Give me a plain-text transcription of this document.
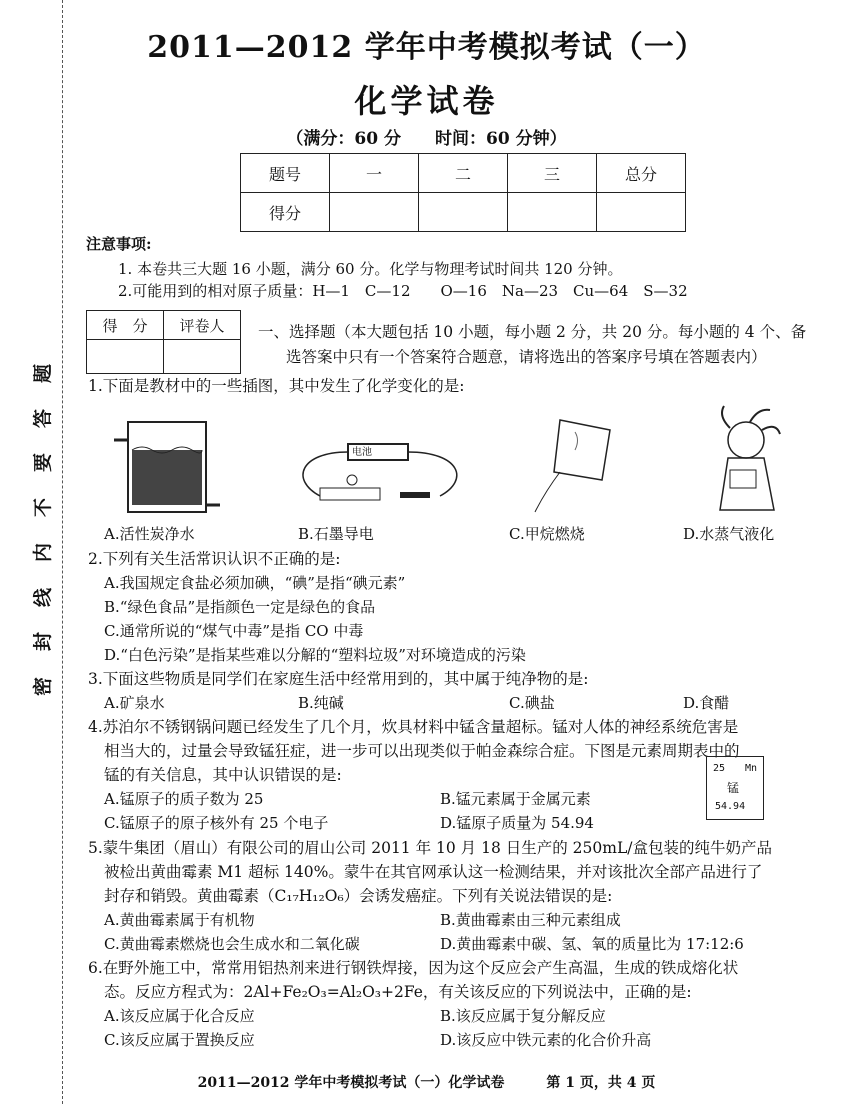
题
答
要
不
内
线
封
密
2011—2012 学年中考模拟考试（一）
化学试卷
（满分：60 分　　时间：60 分钟）
题号	一	二	三	总分
得分				
注意事项:
1. 本卷共三大题 16 小题，满分 60 分。化学与物理考试时间共 120 分钟。
2.可能用到的相对原子质量：H—1　C—12　　O—16　Na—23　Cu—64　S—32
得　分	评卷人
	一、选择题（本大题包括 10 小题，每小题 2 分，共 20 分。每小题的 4 个、备
选答案中只有一个答案符合题意，请将选出的答案序号填在答题表内）
1.下面是教材中的一些插图，其中发生了化学变化的是:
电池
A.活性炭净水	B.石墨导电	C.甲烷燃烧	D.水蒸气液化
2.下列有关生活常识认识不正确的是:
A.我国规定食盐必须加碘，“碘”是指“碘元素”
B.“绿色食品”是指颜色一定是绿色的食品
C.通常所说的“煤气中毒”是指 CO 中毒
D.“白色污染”是指某些难以分解的“塑料垃圾”对环境造成的污染
3.下面这些物质是同学们在家庭生活中经常用到的，其中属于纯净物的是:
A.矿泉水	B.纯碱	C.碘盐	D.食醋
4.苏泊尔不锈钢锅问题已经发生了几个月，炊具材料中锰含量超标。锰对人体的神经系统危害是
相当大的，过量会导致锰狂症，进一步可以出现类似于帕金森综合症。下图是元素周期表中的
锰的有关信息，其中认识错误的是:	25 Mn
锰
54.94
A.锰原子的质子数为 25	B.锰元素属于金属元素
C.锰原子的原子核外有 25 个电子	D.锰原子质量为 54.94
5.蒙牛集团（眉山）有限公司的眉山公司 2011 年 10 月 18 日生产的 250mL/盒包装的纯牛奶产品
被检出黄曲霉素 M1 超标 140%。蒙牛在其官网承认这一检测结果，并对该批次全部产品进行了
封存和销毁。黄曲霉素（C₁₇H₁₂O₆）会诱发癌症。下列有关说法错误的是:
A.黄曲霉素属于有机物	B.黄曲霉素由三种元素组成
C.黄曲霉素燃烧也会生成水和二氧化碳	D.黄曲霉素中碳、氢、氧的质量比为 17:12:6
6.在野外施工中，常常用铝热剂来进行钢铁焊接，因为这个反应会产生高温，生成的铁成熔化状
态。反应方程式为：2Al+Fe₂O₃=Al₂O₃+2Fe，有关该反应的下列说法中，正确的是:
A.该反应属于化合反应	B.该反应属于复分解反应
C.该反应属于置换反应	D.该反应中铁元素的化合价升高
2011—2012 学年中考模拟考试（一）化学试卷　　　第 1 页，共 4 页
